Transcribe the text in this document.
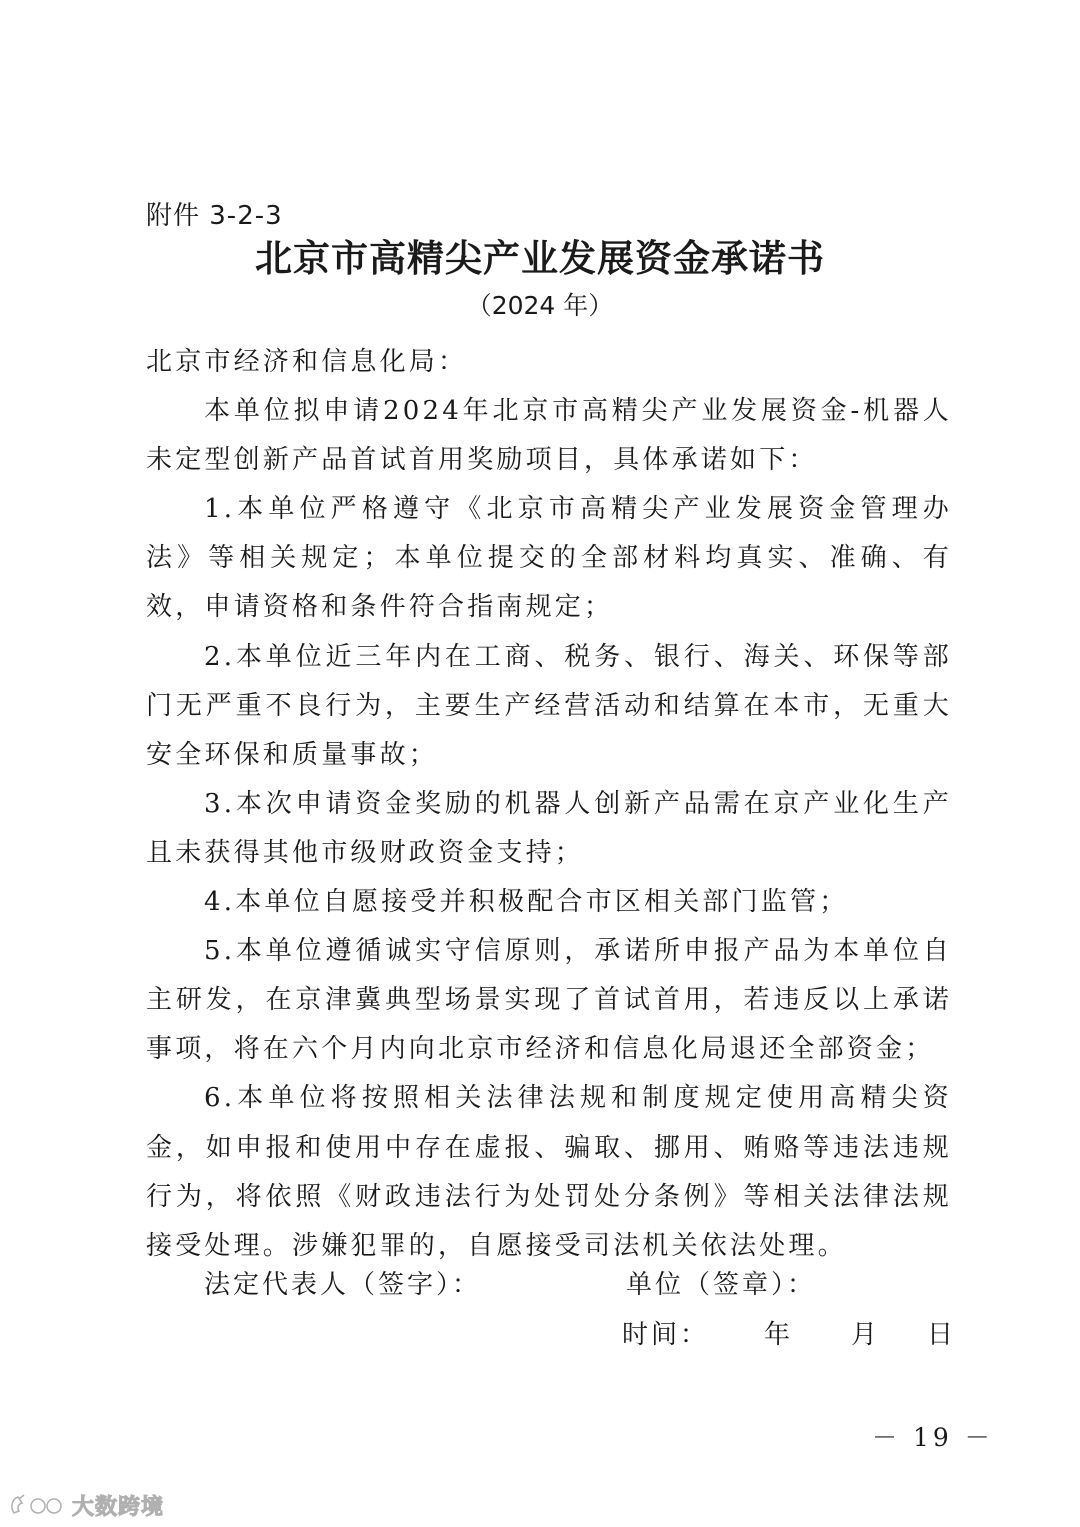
附件 3-2-3
北京市高精尖产业发展资金承诺书
（2024 年）

北京市经济和信息化局：

本单位拟申请2024年北京市高精尖产业发展资金-机器人未定型创新产品首试首用奖励项目，具体承诺如下：

1.本单位严格遵守《北京市高精尖产业发展资金管理办法》等相关规定；本单位提交的全部材料均真实、准确、有效，申请资格和条件符合指南规定；

2.本单位近三年内在工商、税务、银行、海关、环保等部门无严重不良行为，主要生产经营活动和结算在本市，无重大安全环保和质量事故；

3.本次申请资金奖励的机器人创新产品需在京产业化生产且未获得其他市级财政资金支持；

4.本单位自愿接受并积极配合市区相关部门监管；

5.本单位遵循诚实守信原则，承诺所申报产品为本单位自主研发，在京津冀典型场景实现了首试首用，若违反以上承诺事项，将在六个月内向北京市经济和信息化局退还全部资金；

6.本单位将按照相关法律法规和制度规定使用高精尖资金，如申报和使用中存在虚报、骗取、挪用、贿赂等违法违规行为，将依照《财政违法行为处罚处分条例》等相关法律法规接受处理。涉嫌犯罪的，自愿接受司法机关依法处理。

法定代表人（签字）：	单位（签章）：
时间： 年 月 日
－ 19 －
大数跨境
